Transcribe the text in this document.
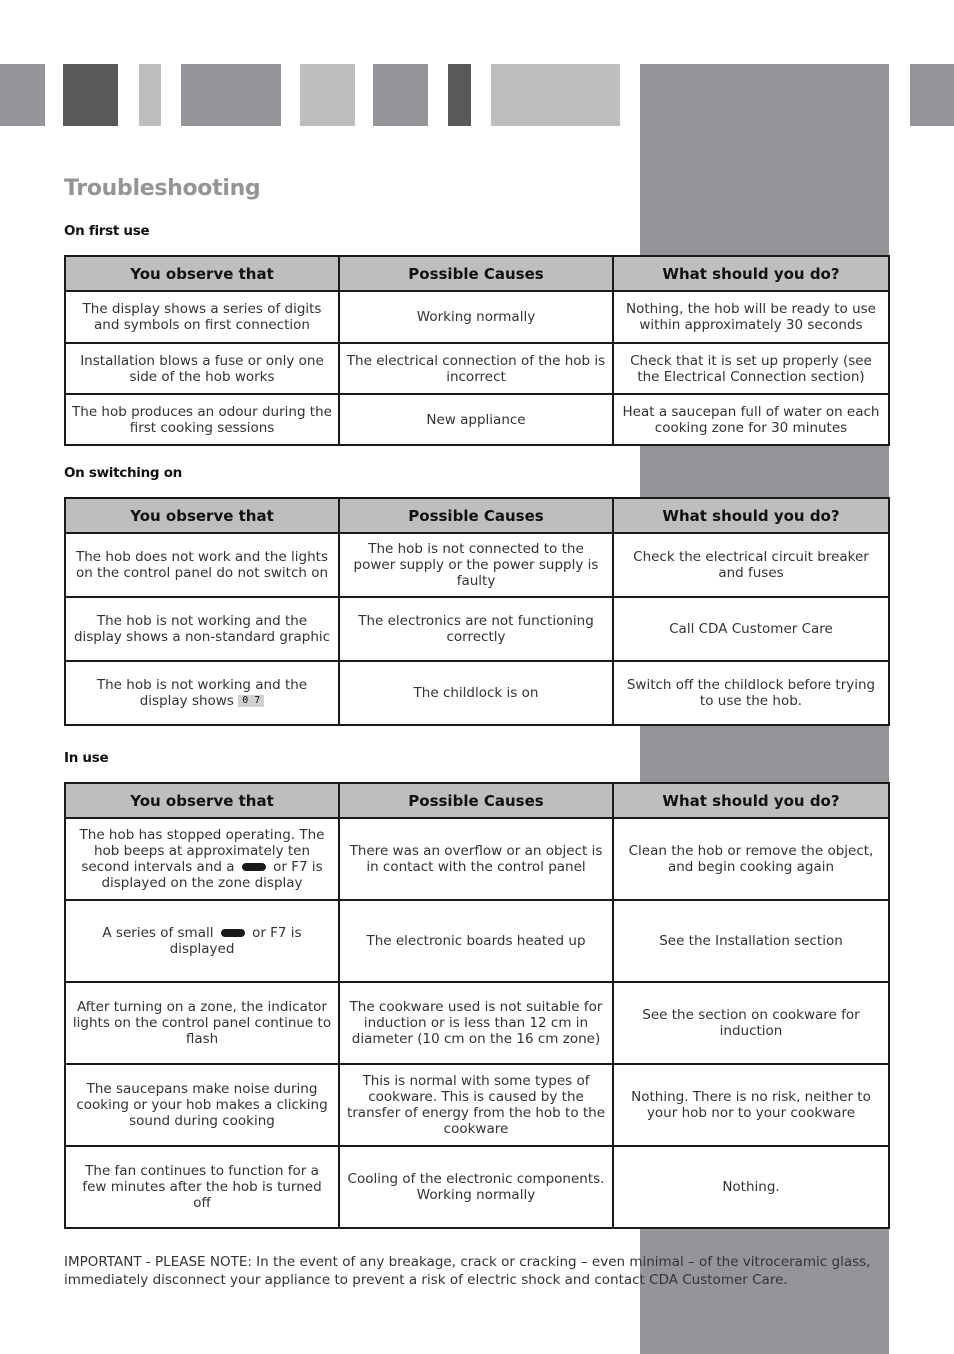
Troubleshooting

On first use

You observe that	Possible Causes	What should you do?
The display shows a series of digits and symbols on first connection	Working normally	Nothing, the hob will be ready to use within approximately 30 seconds
Installation blows a fuse or only one side of the hob works	The electrical connection of the hob is incorrect	Check that it is set up properly (see the Electrical Connection section)
The hob produces an odour during the first cooking sessions	New appliance	Heat a saucepan full of water on each cooking zone for 30 minutes

On switching on

You observe that	Possible Causes	What should you do?
The hob does not work and the lights on the control panel do not switch on	The hob is not connected to the power supply or the power supply is faulty	Check the electrical circuit breaker and fuses
The hob is not working and the display shows a non-standard graphic	The electronics are not functioning correctly	Call CDA Customer Care
The hob is not working and the display shows 0 7	The childlock is on	Switch off the childlock before trying to use the hob.

In use

You observe that	Possible Causes	What should you do?
The hob has stopped operating. The hob beeps at approximately ten second intervals and a or F7 is displayed on the zone display	There was an overflow or an object is in contact with the control panel	Clean the hob or remove the object, and begin cooking again
A series of small or F7 is displayed	The electronic boards heated up	See the Installation section
After turning on a zone, the indicator lights on the control panel continue to flash	The cookware used is not suitable for induction or is less than 12 cm in diameter (10 cm on the 16 cm zone)	See the section on cookware for induction
The saucepans make noise during cooking or your hob makes a clicking sound during cooking	This is normal with some types of cookware. This is caused by the transfer of energy from the hob to the cookware	Nothing. There is no risk, neither to your hob nor to your cookware
The fan continues to function for a few minutes after the hob is turned off	Cooling of the electronic components. Working normally	Nothing.

IMPORTANT - PLEASE NOTE: In the event of any breakage, crack or cracking – even minimal – of the vitroceramic glass, immediately disconnect your appliance to prevent a risk of electric shock and contact CDA Customer Care.
